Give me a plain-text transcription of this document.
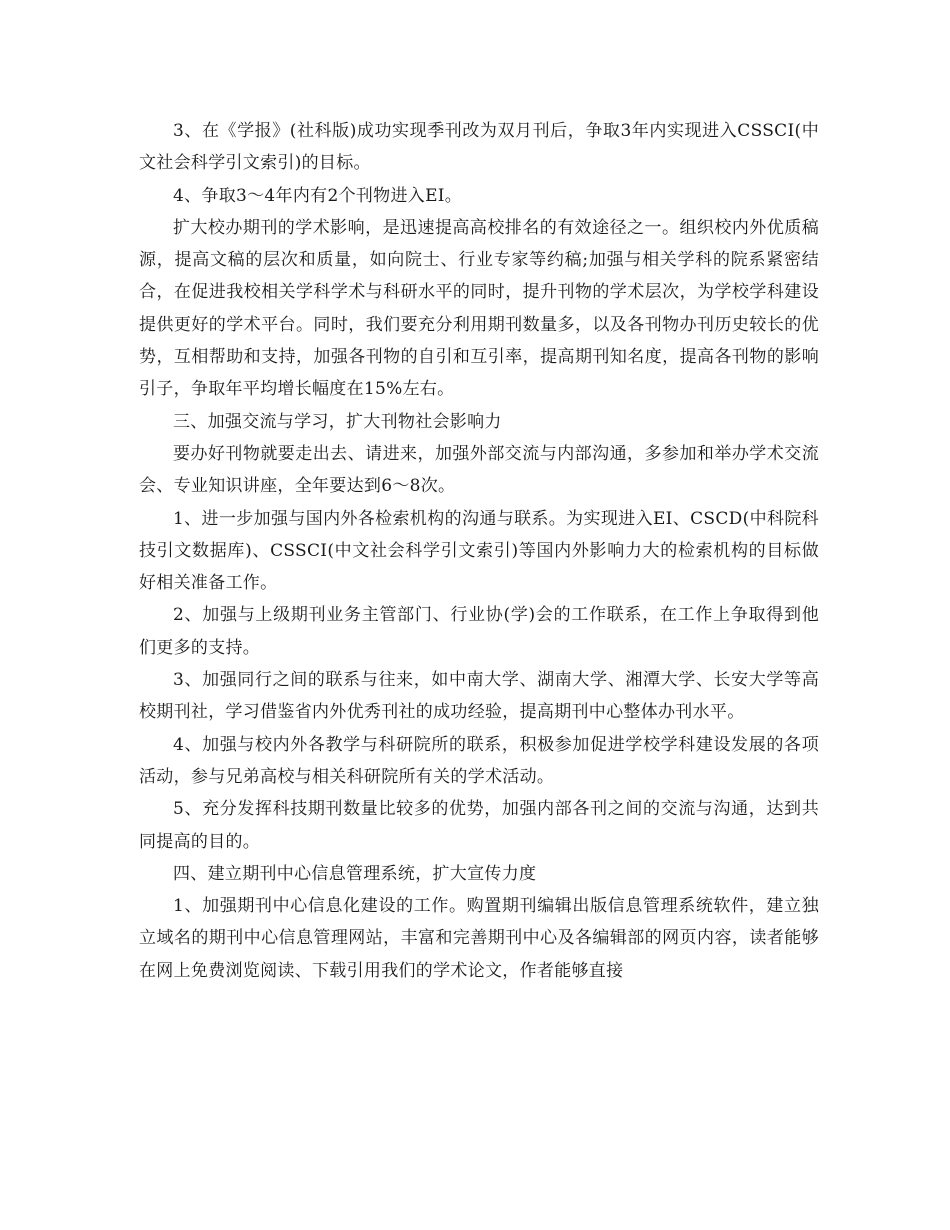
3、在《学报》(社科版)成功实现季刊改为双月刊后，争取3年内实现进入CSSCI(中文社会科学引文索引)的目标。

4、争取3～4年内有2个刊物进入EI。

扩大校办期刊的学术影响，是迅速提高高校排名的有效途径之一。组织校内外优质稿源，提高文稿的层次和质量，如向院士、行业专家等约稿;加强与相关学科的院系紧密结合，在促进我校相关学科学术与科研水平的同时，提升刊物的学术层次，为学校学科建设提供更好的学术平台。同时，我们要充分利用期刊数量多，以及各刊物办刊历史较长的优势，互相帮助和支持，加强各刊物的自引和互引率，提高期刊知名度，提高各刊物的影响引子，争取年平均增长幅度在15%左右。

三、加强交流与学习，扩大刊物社会影响力

要办好刊物就要走出去、请进来，加强外部交流与内部沟通，多参加和举办学术交流会、专业知识讲座，全年要达到6～8次。

1、进一步加强与国内外各检索机构的沟通与联系。为实现进入EI、CSCD(中科院科技引文数据库)、CSSCI(中文社会科学引文索引)等国内外影响力大的检索机构的目标做好相关准备工作。

2、加强与上级期刊业务主管部门、行业协(学)会的工作联系，在工作上争取得到他们更多的支持。

3、加强同行之间的联系与往来，如中南大学、湖南大学、湘潭大学、长安大学等高校期刊社，学习借鉴省内外优秀刊社的成功经验，提高期刊中心整体办刊水平。

4、加强与校内外各教学与科研院所的联系，积极参加促进学校学科建设发展的各项活动，参与兄弟高校与相关科研院所有关的学术活动。

5、充分发挥科技期刊数量比较多的优势，加强内部各刊之间的交流与沟通，达到共同提高的目的。

四、建立期刊中心信息管理系统，扩大宣传力度

1、加强期刊中心信息化建设的工作。购置期刊编辑出版信息管理系统软件，建立独立域名的期刊中心信息管理网站，丰富和完善期刊中心及各编辑部的网页内容，读者能够在网上免费浏览阅读、下载引用我们的学术论文，作者能够直接
